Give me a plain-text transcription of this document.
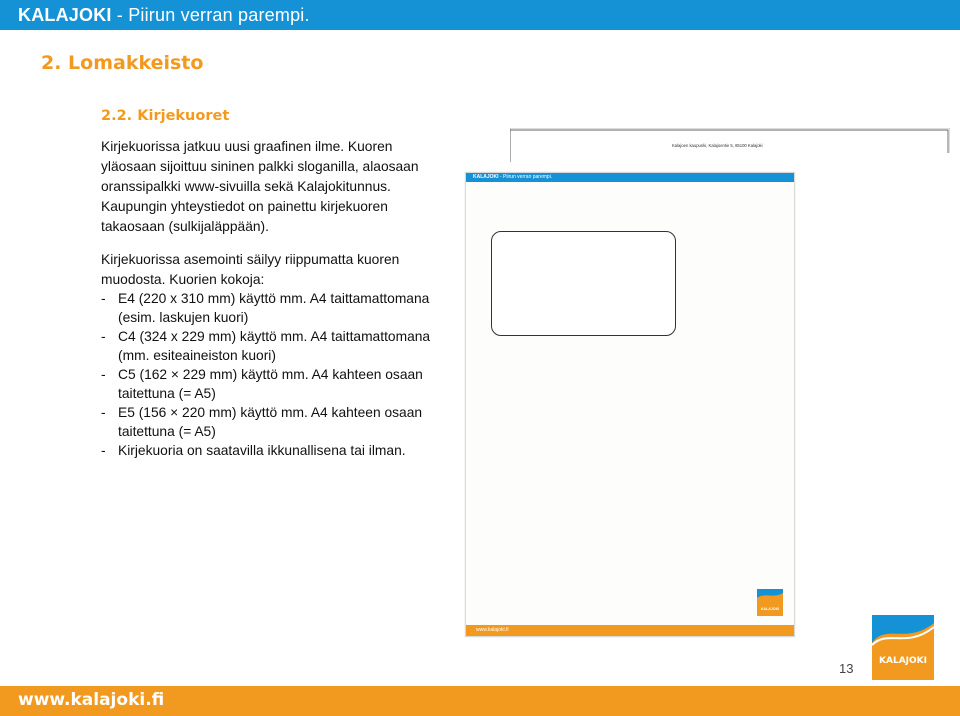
KALAJOKI - Piirun verran parempi.
2. Lomakkeisto
2.2. Kirjekuoret
Kirjekuorissa jatkuu uusi graafinen ilme. Kuoren yläosaan sijoittuu sininen palkki sloganilla, alaosaan oranssipalkki www-sivuilla sekä Kalajokitunnus. Kaupungin yhteystiedot on painettu kirjekuoren takaosaan (sulkijaläppään).
Kirjekuorissa asemointi säilyy riippumatta kuoren muodosta. Kuorien kokoja:
- E4 (220 x 310 mm) käyttö mm. A4 taittamattomana (esim. laskujen kuori)
- C4 (324 x 229 mm) käyttö mm. A4 taittamattomana (mm. esiteaineiston kuori)
- C5 (162 × 229 mm) käyttö mm. A4 kahteen osaan taitettuna (= A5)
- E5 (156 × 220 mm) käyttö mm. A4 kahteen osaan taitettuna (= A5)
- Kirjekuoria on saatavilla ikkunallisena tai ilman.
Kalajoen kaupunki, Kalajoentie 5, 85100 Kalajoki
KALAJOKI - Piirun verran parempi.
KALAJOKI
www.kalajoki.fi
13	KALAJOKI
www.kalajoki.fi
